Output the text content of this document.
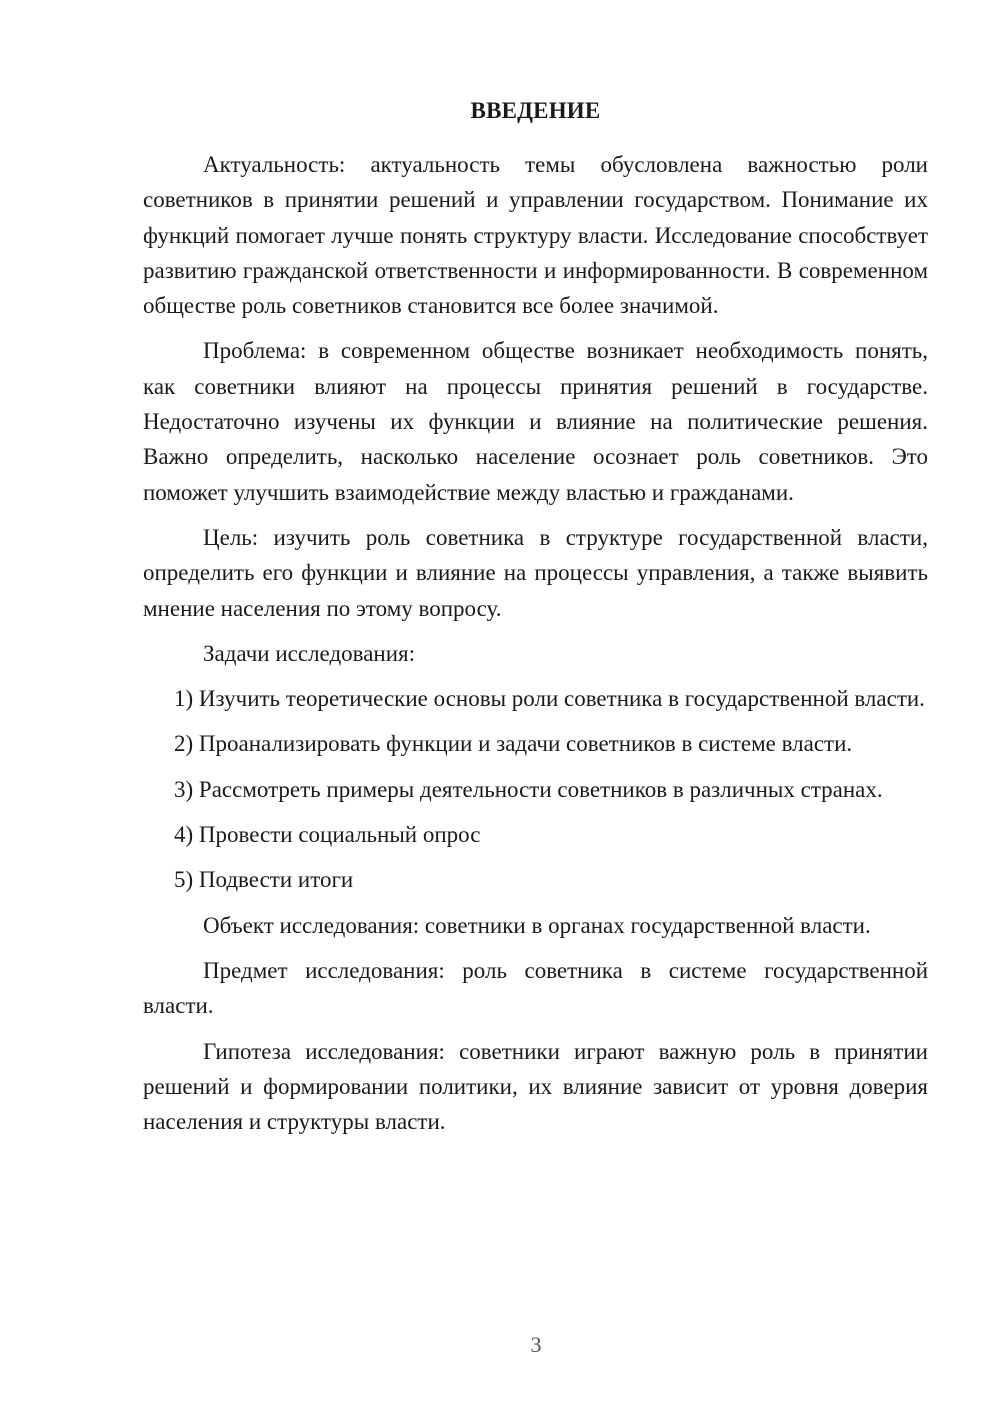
ВВЕДЕНИЕ

Актуальность: актуальность темы обусловлена важностью роли советников в принятии решений и управлении государством. Понимание их функций помогает лучше понять структуру власти. Исследование способствует развитию гражданской ответственности и информированности. В современном обществе роль советников становится все более значимой.

Проблема: в современном обществе возникает необходимость понять, как советники влияют на процессы принятия решений в государстве. Недостаточно изучены их функции и влияние на политические решения. Важно определить, насколько население осознает роль советников. Это поможет улучшить взаимодействие между властью и гражданами.

Цель: изучить роль советника в структуре государственной власти, определить его функции и влияние на процессы управления, а также выявить мнение населения по этому вопросу.

Задачи исследования:

1) Изучить теоретические основы роли советника в государственной власти.

2) Проанализировать функции и задачи советников в системе власти.

3) Рассмотреть примеры деятельности советников в различных странах.

4) Провести социальный опрос

5) Подвести итоги

Объект исследования: советники в органах государственной власти.

Предмет исследования: роль советника в системе государственной власти.

Гипотеза исследования: советники играют важную роль в принятии решений и формировании политики, их влияние зависит от уровня доверия населения и структуры власти.

3
